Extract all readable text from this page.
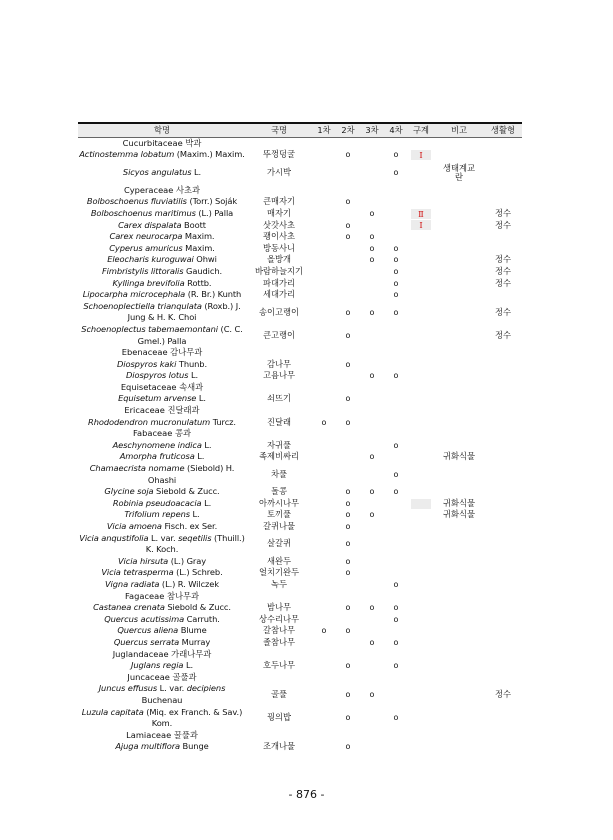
학명	국명	1차	2차	3차	4차	구계	비고	생활형
Cucurbitaceae 박과								
Actinostemma lobatum (Maxim.) Maxim.	뚜껑덩굴		o		o	Ⅰ		

Sicyos angulatus L.	가시박				o		생태계교란	
Cyperaceae 사초과								
Bolboschoenus fluviatilis (Torr.) Soják	큰매자기		o					
Bolboschoenus maritimus (L.) Palla	매자기			o		Ⅱ		정수
Carex dispalata Boott	삿갓사초		o			Ⅰ		정수
Carex neurocarpa Maxim.	괭이사초		o	o				
Cyperus amuricus Maxim.	방동사니			o	o			
Eleocharis kuroguwai Ohwi	올방개			o	o			정수
Fimbristylis littoralis Gaudich.	바람하늘지기				o			정수
Kyllinga brevifolia Rottb.	파대가리				o			정수
Lipocarpha microcephala (R. Br.) Kunth	세대가리				o			
Schoenoplectiella trianqulata (Roxb.) J. Jung & H. K. Choi	송이고랭이		o	o	o			정수
Schoenoplectus tabemaemontani (C. C. Gmel.) Palla	큰고랭이		o					정수
Ebenaceae 감나무과								
Diospyros kaki Thunb.	감나무		o					
Diospyros lotus L.	고욤나무			o	o			
Equisetaceae 속새과								
Equisetum arvense L.	쇠뜨기		o					
Ericaceae 진달래과								
Rhododendron mucronulatum Turcz.	진달래	o	o					
Fabaceae 콩과								
Aeschynomene indica L.	자귀풀				o			
Amorpha fruticosa L.	족제비싸리			o			귀화식물	
Chamaecrista nomame (Siebold) H. Ohashi	차풀				o			
Glycine soja Siebold & Zucc.	돌콩		o	o	o			
Robinia pseudoacacia L.	아까시나무		o				귀화식물	
Trifolium repens L.	토끼풀		o	o			귀화식물	
Vicia amoena Fisch. ex Ser.	갈퀴나물		o					
Vicia anqustifolia L. var. seqetilis (Thuill.) K. Koch.	살갈퀴		o					
Vicia hirsuta (L.) Gray	새완두		o					
Vicia tetrasperma (L.) Schreb.	얼치기완두		o					
Vigna radiata (L.) R. Wilczek	녹두				o			
Fagaceae 참나무과								
Castanea crenata Siebold & Zucc.	밤나무		o	o	o			
Quercus acutissima Carruth.	상수리나무				o			
Quercus aliena Blume	갈참나무	o	o					
Quercus serrata Murray	졸참나무			o	o			
Juglandaceae 가래나무과								
Juglans regia L.	호두나무		o		o			
Juncaceae 골풀과								
Juncus effusus L. var. decipiens Buchenau	골풀		o	o				정수
Luzula capitata (Miq. ex Franch. & Sav.) Kom.	꿩의밥		o		o			
Lamiaceae 꿀풀과								
Ajuga multiflora Bunge	조개나물		o					
- 876 -
